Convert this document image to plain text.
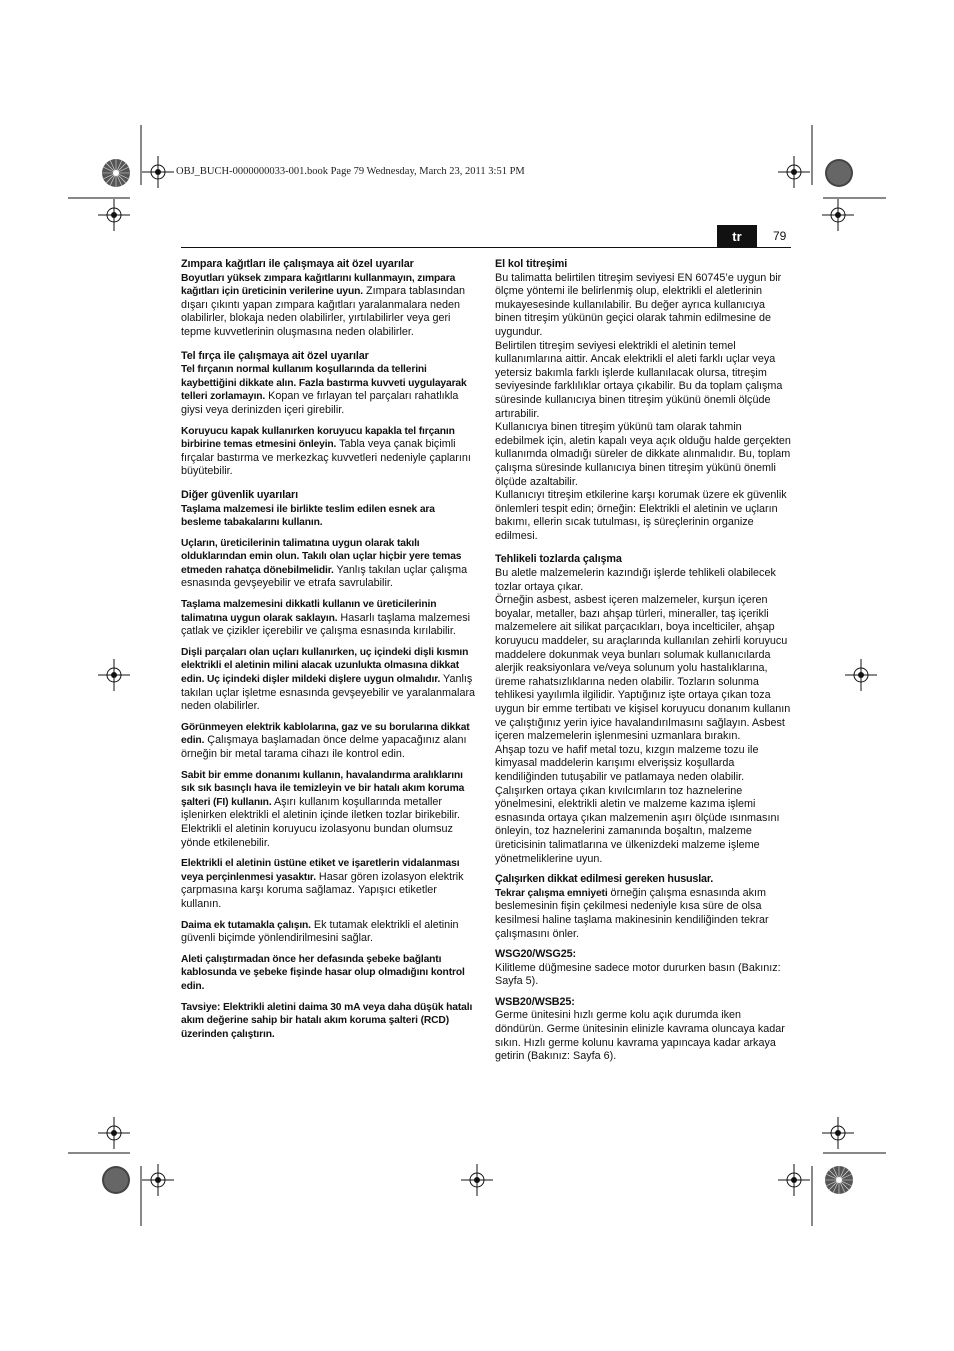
OBJ_BUCH-0000000033-001.book Page 79 Wednesday, March 23, 2011 3:51 PM
tr	79

Zımpara kağıtları ile çalışmaya ait özel uyarılar

Boyutları yüksek zımpara kağıtlarını kullanmayın, zımpara kağıtları için üreticinin verilerine uyun. Zımpara tablasından dışarı çıkıntı yapan zımpara kağıtları yaralanmalara neden olabilirler, blokaja neden olabilirler, yırtılabilirler veya geri tepme kuvvetlerinin oluşmasına neden olabilirler.

Tel fırça ile çalışmaya ait özel uyarılar

Tel fırçanın normal kullanım koşullarında da tellerini kaybettiğini dikkate alın. Fazla bastırma kuvveti uygulayarak telleri zorlamayın. Kopan ve fırlayan tel parçaları rahatlıkla giysi veya derinizden içeri girebilir.

Koruyucu kapak kullanırken koruyucu kapakla tel fırçanın birbirine temas etmesini önleyin. Tabla veya çanak biçimli fırçalar bastırma ve merkezkaç kuvvetleri nedeniyle çaplarını büyütebilir.

Diğer güvenlik uyarıları

Taşlama malzemesi ile birlikte teslim edilen esnek ara besleme tabakalarını kullanın.

Uçların, üreticilerinin talimatına uygun olarak takılı olduklarından emin olun. Takılı olan uçlar hiçbir yere temas etmeden rahatça dönebilmelidir. Yanlış takılan uçlar çalışma esnasında gevşeyebilir ve etrafa savrulabilir.

Taşlama malzemesini dikkatli kullanın ve üreticilerinin talimatına uygun olarak saklayın. Hasarlı taşlama malzemesi çatlak ve çizikler içerebilir ve çalışma esnasında kırılabilir.

Dişli parçaları olan uçları kullanırken, uç içindeki dişli kısmın elektrikli el aletinin milini alacak uzunlukta olmasına dikkat edin. Uç içindeki dişler mildeki dişlere uygun olmalıdır. Yanlış takılan uçlar işletme esnasında gevşeyebilir ve yaralanmalara neden olabilirler.

Görünmeyen elektrik kablolarına, gaz ve su borularına dikkat edin. Çalışmaya başlamadan önce delme yapacağınız alanı örneğin bir metal tarama cihazı ile kontrol edin.

Sabit bir emme donanımı kullanın, havalandırma aralıklarını sık sık basınçlı hava ile temizleyin ve bir hatalı akım koruma şalteri (FI) kullanın. Aşırı kullanım koşullarında metaller işlenirken elektrikli el aletinin içinde iletken tozlar birikebilir. Elektrikli el aletinin koruyucu izolasyonu bundan olumsuz yönde etkilenebilir.

Elektrikli el aletinin üstüne etiket ve işaretlerin vidalanması veya perçinlenmesi yasaktır. Hasar gören izolasyon elektrik çarpmasına karşı koruma sağlamaz. Yapışıcı etiketler kullanın.

Daima ek tutamakla çalışın. Ek tutamak elektrikli el aletinin güvenli biçimde yönlendirilmesini sağlar.

Aleti çalıştırmadan önce her defasında şebeke bağlantı kablosunda ve şebeke fişinde hasar olup olmadığını kontrol edin.

Tavsiye: Elektrikli aletini daima 30 mA veya daha düşük hatalı akım değerine sahip bir hatalı akım koruma şalteri (RCD) üzerinden çalıştırın.

El kol titreşimi

Bu talimatta belirtilen titreşim seviyesi EN 60745’e uygun bir ölçme yöntemi ile belirlenmiş olup, elektrikli el aletlerinin mukayesesinde kullanılabilir. Bu değer ayrıca kullanıcıya binen titreşim yükünün geçici olarak tahmin edilmesine de uygundur.

Belirtilen titreşim seviyesi elektrikli el aletinin temel kullanımlarına aittir. Ancak elektrikli el aleti farklı uçlar veya yetersiz bakımla farklı işlerde kullanılacak olursa, titreşim seviyesinde farklılıklar ortaya çıkabilir. Bu da toplam çalışma süresinde kullanıcıya binen titreşim yükünü önemli ölçüde artırabilir.

Kullanıcıya binen titreşim yükünü tam olarak tahmin edebilmek için, aletin kapalı veya açık olduğu halde gerçekten kullanımda olmadığı süreler de dikkate alınmalıdır. Bu, toplam çalışma süresinde kullanıcıya binen titreşim yükünü önemli ölçüde azaltabilir.

Kullanıcıyı titreşim etkilerine karşı korumak üzere ek güvenlik önlemleri tespit edin; örneğin: Elektrikli el aletinin ve uçların bakımı, ellerin sıcak tutulması, iş süreçlerinin organize edilmesi.

Tehlikeli tozlarda çalışma

Bu aletle malzemelerin kazındığı işlerde tehlikeli olabilecek tozlar ortaya çıkar.

Örneğin asbest, asbest içeren malzemeler, kurşun içeren boyalar, metaller, bazı ahşap türleri, mineraller, taş içerikli malzemelere ait silikat parçacıkları, boya incelticiler, ahşap koruyucu maddeler, su araçlarında kullanılan zehirli koruyucu maddelere dokunmak veya bunları solumak kullanıcılarda alerjik reaksiyonlara ve/veya solunum yolu hastalıklarına, üreme rahatsızlıklarına neden olabilir. Tozların solunma tehlikesi yayılımla ilgilidir. Yaptığınız işte ortaya çıkan toza uygun bir emme tertibatı ve kişisel koruyucu donanım kullanın ve çalıştığınız yerin iyice havalandırılmasını sağlayın. Asbest içeren malzemelerin işlenmesini uzmanlara bırakın.

Ahşap tozu ve hafif metal tozu, kızgın malzeme tozu ile kimyasal maddelerin karışımı elverişsiz koşullarda kendiliğinden tutuşabilir ve patlamaya neden olabilir. Çalışırken ortaya çıkan kıvılcımların toz haznelerine yönelmesini, elektrikli aletin ve malzeme kazıma işlemi esnasında ortaya çıkan malzemenin aşırı ölçüde ısınmasını önleyin, toz haznelerini zamanında boşaltın, malzeme üreticisinin talimatlarına ve ülkenizdeki malzeme işleme yönetmeliklerine uyun.

Çalışırken dikkat edilmesi gereken hususlar.

Tekrar çalışma emniyeti örneğin çalışma esnasında akım beslemesinin fişin çekilmesi nedeniyle kısa süre de olsa kesilmesi haline taşlama makinesinin kendiliğinden tekrar çalışmasını önler.

WSG20/WSG25:

Kilitleme düğmesine sadece motor dururken basın (Bakınız: Sayfa 5).

WSB20/WSB25:

Germe ünitesini hızlı germe kolu açık durumda iken döndürün. Germe ünitesinin elinizle kavrama oluncaya kadar sıkın. Hızlı germe kolunu kavrama yapıncaya kadar arkaya getirin (Bakınız: Sayfa 6).
